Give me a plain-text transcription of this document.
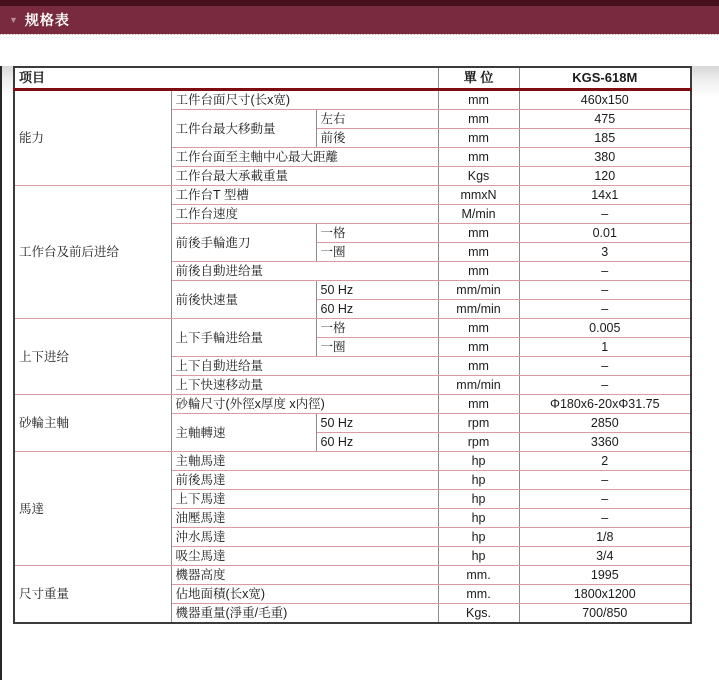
▼ 规格表
项目			單 位	KGS-618M
能力	工件台面尺寸(长x宽)		mm	460x150
	工件台最大移動量	左右	mm	475
		前後	mm	185
	工作台面至主軸中心最大距離		mm	380
	工作台最大承載重量		Kgs	120
工作台及前后进给	工作台T 型槽		mmxN	14x1
	工作台速度		M/min	–
	前後手輪進刀	一格	mm	0.01
		一圈	mm	3
	前後自動进给量		mm	–
	前後快速量	50 Hz	mm/min	–
		60 Hz	mm/min	–
上下进给	上下手輪进给量	一格	mm	0.005
		一圈	mm	1
	上下自動进给量		mm	–
	上下快速移动量		mm/min	–
砂輪主軸	砂輪尺寸(外徑x厚度 x内徑)		mm	Φ180x6-20xΦ31.75
	主軸轉速	50 Hz	rpm	2850
		60 Hz	rpm	3360
馬達	主軸馬達		hp	2
	前後馬達		hp	–
	上下馬達		hp	–
	油壓馬達		hp	–
	沖水馬達		hp	1/8
	吸尘馬達		hp	3/4
尺寸重量	機器高度		mm.	1995
	佔地面積(长x宽)		mm.	1800x1200
	機器重量(淨重/毛重)		Kgs.	700/850
